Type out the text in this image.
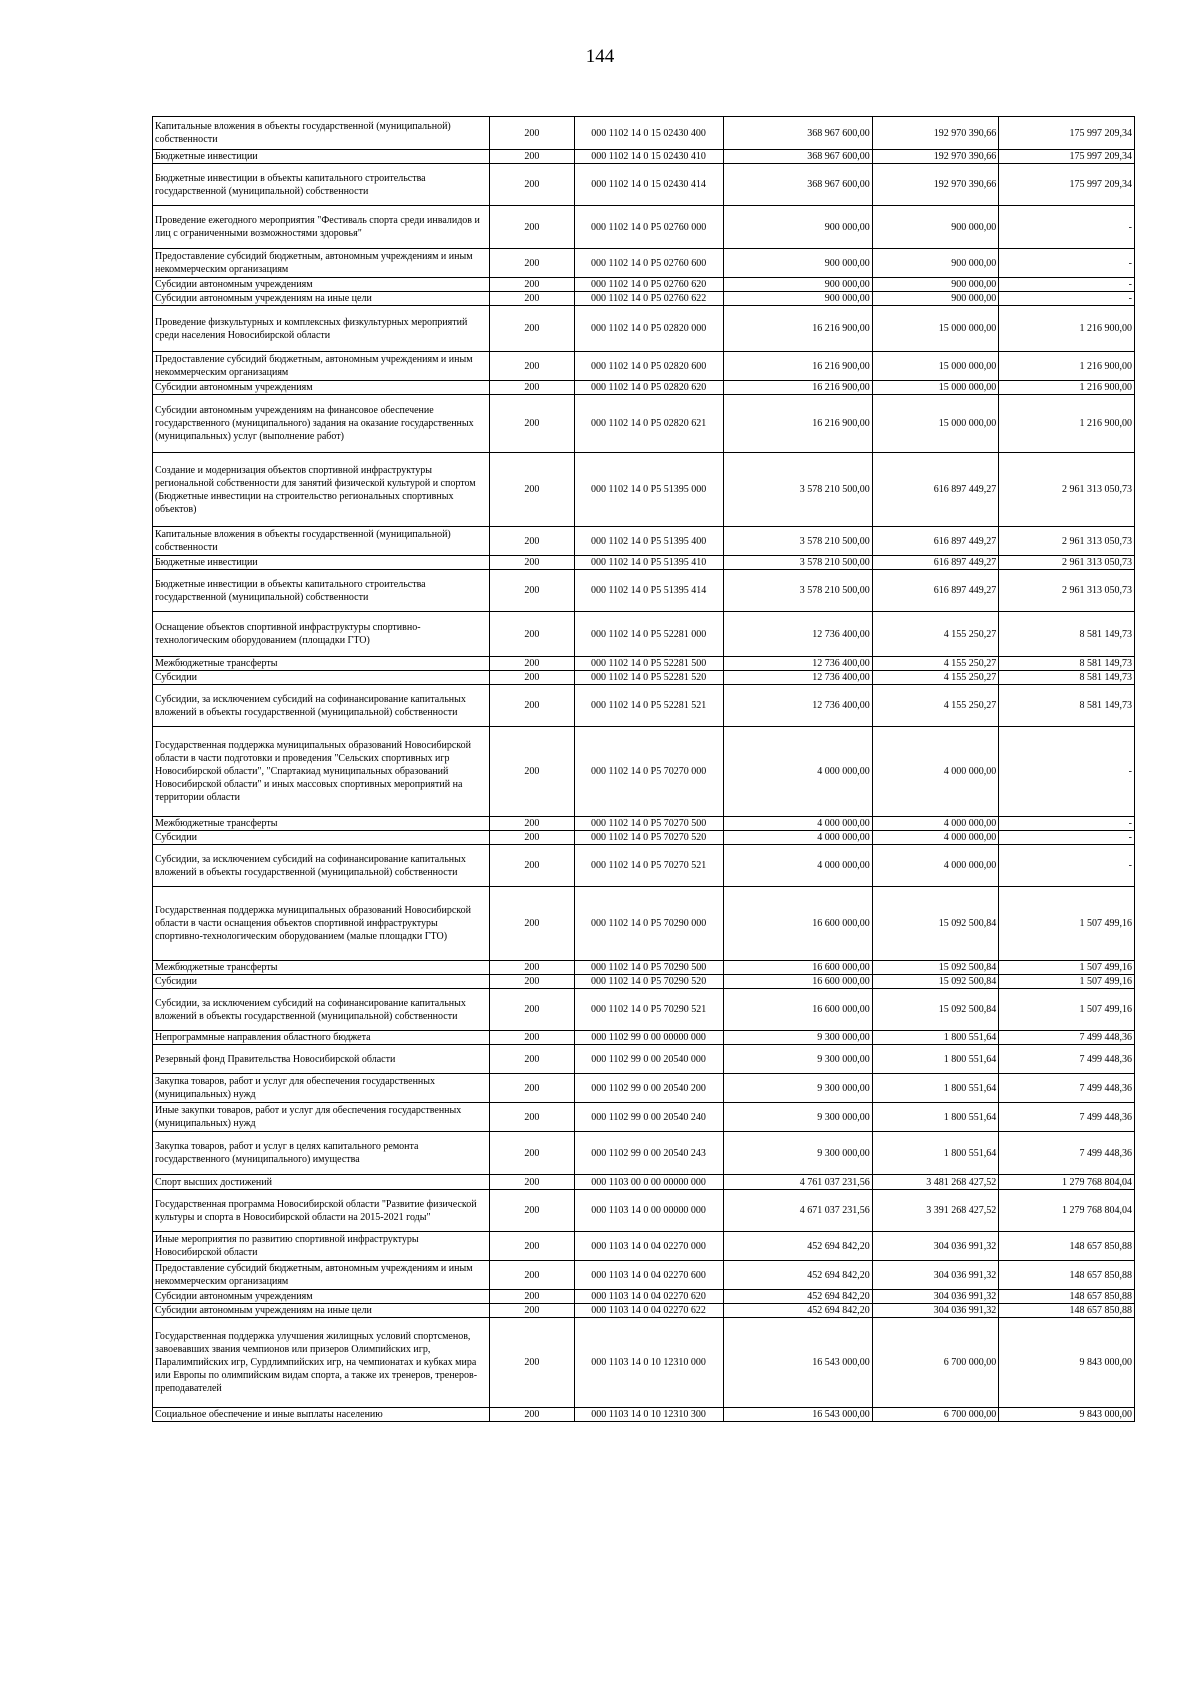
144
Капитальные вложения в объекты государственной (муниципальной) собственности	200	000 1102 14 0 15 02430 400	368 967 600,00	192 970 390,66	175 997 209,34
Бюджетные инвестиции	200	000 1102 14 0 15 02430 410	368 967 600,00	192 970 390,66	175 997 209,34
Бюджетные инвестиции в объекты капитального строительства государственной (муниципальной) собственности	200	000 1102 14 0 15 02430 414	368 967 600,00	192 970 390,66	175 997 209,34
Проведение ежегодного мероприятия "Фестиваль спорта среди инвалидов и лиц с ограниченными возможностями здоровья"	200	000 1102 14 0 P5 02760 000	900 000,00	900 000,00	-
Предоставление субсидий бюджетным, автономным учреждениям и иным некоммерческим организациям	200	000 1102 14 0 P5 02760 600	900 000,00	900 000,00	-
Субсидии автономным учреждениям	200	000 1102 14 0 P5 02760 620	900 000,00	900 000,00	-
Субсидии автономным учреждениям на иные цели	200	000 1102 14 0 P5 02760 622	900 000,00	900 000,00	-
Проведение физкультурных и комплексных физкультурных мероприятий среди населения Новосибирской области	200	000 1102 14 0 P5 02820 000	16 216 900,00	15 000 000,00	1 216 900,00
Предоставление субсидий бюджетным, автономным учреждениям и иным некоммерческим организациям	200	000 1102 14 0 P5 02820 600	16 216 900,00	15 000 000,00	1 216 900,00
Субсидии автономным учреждениям	200	000 1102 14 0 P5 02820 620	16 216 900,00	15 000 000,00	1 216 900,00
Субсидии автономным учреждениям на финансовое обеспечение государственного (муниципального) задания на оказание государственных (муниципальных) услуг (выполнение работ)	200	000 1102 14 0 P5 02820 621	16 216 900,00	15 000 000,00	1 216 900,00
Создание и модернизация объектов спортивной инфраструктуры региональной собственности для занятий физической культурой и спортом (Бюджетные инвестиции на строительство региональных спортивных объектов)	200	000 1102 14 0 P5 51395 000	3 578 210 500,00	616 897 449,27	2 961 313 050,73
Капитальные вложения в объекты государственной (муниципальной) собственности	200	000 1102 14 0 P5 51395 400	3 578 210 500,00	616 897 449,27	2 961 313 050,73
Бюджетные инвестиции	200	000 1102 14 0 P5 51395 410	3 578 210 500,00	616 897 449,27	2 961 313 050,73
Бюджетные инвестиции в объекты капитального строительства государственной (муниципальной) собственности	200	000 1102 14 0 P5 51395 414	3 578 210 500,00	616 897 449,27	2 961 313 050,73
Оснащение объектов спортивной инфраструктуры спортивно-технологическим оборудованием (площадки ГТО)	200	000 1102 14 0 P5 52281 000	12 736 400,00	4 155 250,27	8 581 149,73
Межбюджетные трансферты	200	000 1102 14 0 P5 52281 500	12 736 400,00	4 155 250,27	8 581 149,73
Субсидии	200	000 1102 14 0 P5 52281 520	12 736 400,00	4 155 250,27	8 581 149,73
Субсидии, за исключением субсидий на софинансирование капитальных вложений в объекты государственной (муниципальной) собственности	200	000 1102 14 0 P5 52281 521	12 736 400,00	4 155 250,27	8 581 149,73
Государственная поддержка муниципальных образований Новосибирской области в части подготовки и проведения "Сельских спортивных игр Новосибирской области", "Спартакиад муниципальных образований Новосибирской области" и иных массовых спортивных мероприятий на территории области	200	000 1102 14 0 P5 70270 000	4 000 000,00	4 000 000,00	-
Межбюджетные трансферты	200	000 1102 14 0 P5 70270 500	4 000 000,00	4 000 000,00	-
Субсидии	200	000 1102 14 0 P5 70270 520	4 000 000,00	4 000 000,00	-
Субсидии, за исключением субсидий на софинансирование капитальных вложений в объекты государственной (муниципальной) собственности	200	000 1102 14 0 P5 70270 521	4 000 000,00	4 000 000,00	-
Государственная поддержка муниципальных образований Новосибирской области в части оснащения объектов спортивной инфраструктуры спортивно-технологическим оборудованием (малые площадки ГТО)	200	000 1102 14 0 P5 70290 000	16 600 000,00	15 092 500,84	1 507 499,16
Межбюджетные трансферты	200	000 1102 14 0 P5 70290 500	16 600 000,00	15 092 500,84	1 507 499,16
Субсидии	200	000 1102 14 0 P5 70290 520	16 600 000,00	15 092 500,84	1 507 499,16
Субсидии, за исключением субсидий на софинансирование капитальных вложений в объекты государственной (муниципальной) собственности	200	000 1102 14 0 P5 70290 521	16 600 000,00	15 092 500,84	1 507 499,16
Непрограммные направления областного бюджета	200	000 1102 99 0 00 00000 000	9 300 000,00	1 800 551,64	7 499 448,36
Резервный фонд Правительства Новосибирской области	200	000 1102 99 0 00 20540 000	9 300 000,00	1 800 551,64	7 499 448,36
Закупка товаров, работ и услуг для обеспечения государственных (муниципальных) нужд	200	000 1102 99 0 00 20540 200	9 300 000,00	1 800 551,64	7 499 448,36
Иные закупки товаров, работ и услуг для обеспечения государственных (муниципальных) нужд	200	000 1102 99 0 00 20540 240	9 300 000,00	1 800 551,64	7 499 448,36
Закупка товаров, работ и услуг в целях капитального ремонта государственного (муниципального) имущества	200	000 1102 99 0 00 20540 243	9 300 000,00	1 800 551,64	7 499 448,36
Спорт высших достижений	200	000 1103 00 0 00 00000 000	4 761 037 231,56	3 481 268 427,52	1 279 768 804,04
Государственная программа Новосибирской области "Развитие физической культуры и спорта в Новосибирской области на 2015-2021 годы"	200	000 1103 14 0 00 00000 000	4 671 037 231,56	3 391 268 427,52	1 279 768 804,04
Иные мероприятия по развитию спортивной инфраструктуры Новосибирской области	200	000 1103 14 0 04 02270 000	452 694 842,20	304 036 991,32	148 657 850,88
Предоставление субсидий бюджетным, автономным учреждениям и иным некоммерческим организациям	200	000 1103 14 0 04 02270 600	452 694 842,20	304 036 991,32	148 657 850,88
Субсидии автономным учреждениям	200	000 1103 14 0 04 02270 620	452 694 842,20	304 036 991,32	148 657 850,88
Субсидии автономным учреждениям на иные цели	200	000 1103 14 0 04 02270 622	452 694 842,20	304 036 991,32	148 657 850,88
Государственная поддержка улучшения жилищных условий спортсменов, завоевавших звания чемпионов или призеров Олимпийских игр, Паралимпийских игр, Сурдлимпийских игр, на чемпионатах и кубках мира или Европы по олимпийским видам спорта, а также их тренеров, тренеров-преподавателей	200	000 1103 14 0 10 12310 000	16 543 000,00	6 700 000,00	9 843 000,00
Социальное обеспечение и иные выплаты населению	200	000 1103 14 0 10 12310 300	16 543 000,00	6 700 000,00	9 843 000,00
